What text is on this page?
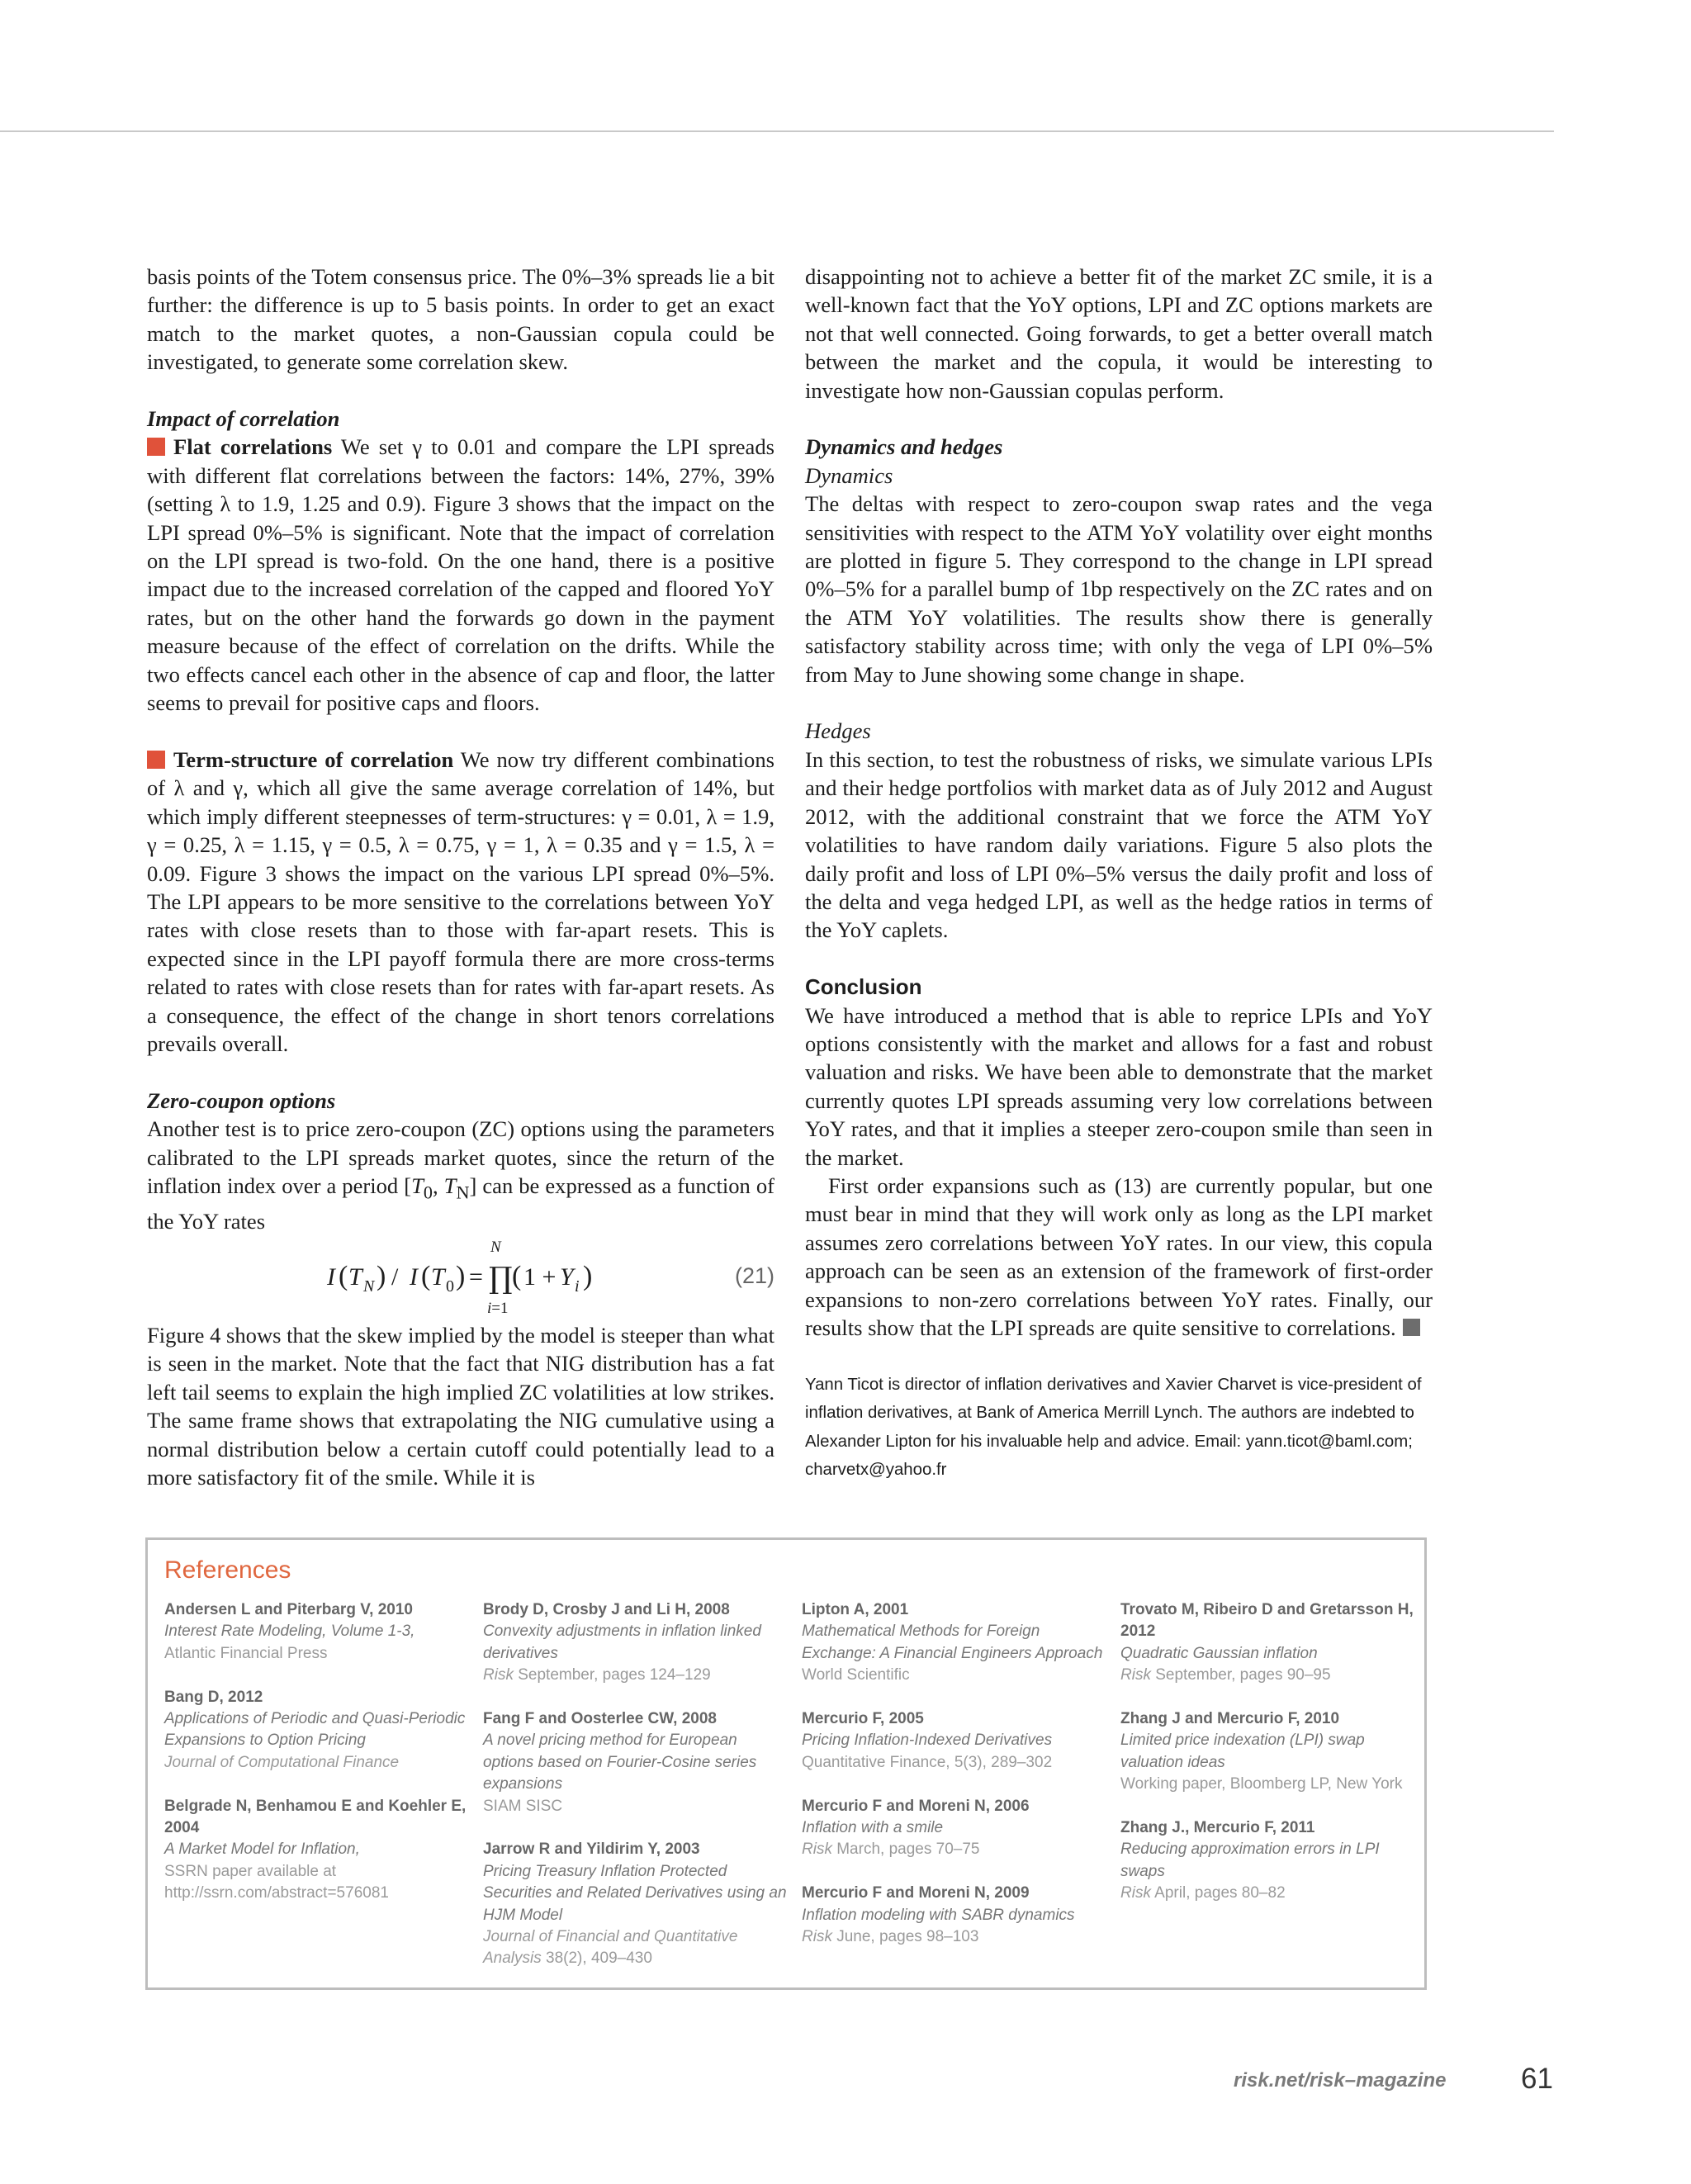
basis points of the Totem consensus price. The 0%–3% spreads lie a bit further: the difference is up to 5 basis points. In order to get an exact match to the market quotes, a non-Gaussian copula could be investigated, to generate some correlation skew.

Impact of correlation

Flat correlations We set γ to 0.01 and compare the LPI spreads with different flat correlations between the factors: 14%, 27%, 39% (setting λ to 1.9, 1.25 and 0.9). Figure 3 shows that the impact on the LPI spread 0%–5% is significant. Note that the impact of correlation on the LPI spread is two-fold. On the one hand, there is a positive impact due to the increased correlation of the capped and floored YoY rates, but on the other hand the forwards go down in the payment measure because of the effect of correlation on the drifts. While the two effects cancel each other in the absence of cap and floor, the latter seems to prevail for positive caps and floors.

Term-structure of correlation We now try different combinations of λ and γ, which all give the same average correlation of 14%, but which imply different steepnesses of term-structures: γ = 0.01, λ = 1.9, γ = 0.25, λ = 1.15, γ = 0.5, λ = 0.75, γ = 1, λ = 0.35 and γ = 1.5, λ = 0.09. Figure 3 shows the impact on the various LPI spread 0%–5%. The LPI appears to be more sensitive to the correlations between YoY rates with close resets than to those with far-apart resets. This is expected since in the LPI payoff formula there are more cross-terms related to rates with close resets than for rates with far-apart resets. As a consequence, the effect of the change in short tenors correlations prevails overall.

Zero-coupon options

Another test is to price zero-coupon (ZC) options using the parameters calibrated to the LPI spreads market quotes, since the return of the inflation index over a period [$T_0$, $T_N$] can be expressed as a function of the YoY rates

I ( T N ) / I ( T 0 ) =
N
∏
i=1
( 1 + Y i )	(21)

Figure 4 shows that the skew implied by the model is steeper than what is seen in the market. Note that the fact that NIG distribution has a fat left tail seems to explain the high implied ZC volatilities at low strikes. The same frame shows that extrapolating the NIG cumulative using a normal distribution below a certain cutoff could potentially lead to a more satisfactory fit of the smile. While it is

disappointing not to achieve a better fit of the market ZC smile, it is a well-known fact that the YoY options, LPI and ZC options markets are not that well connected. Going forwards, to get a better overall match between the market and the copula, it would be interesting to investigate how non-Gaussian copulas perform.

Dynamics and hedges

Dynamics

The deltas with respect to zero-coupon swap rates and the vega sensitivities with respect to the ATM YoY volatility over eight months are plotted in figure 5. They correspond to the change in LPI spread 0%–5% for a parallel bump of 1bp respectively on the ZC rates and on the ATM YoY volatilities. The results show there is generally satisfactory stability across time; with only the vega of LPI 0%–5% from May to June showing some change in shape.

Hedges

In this section, to test the robustness of risks, we simulate various LPIs and their hedge portfolios with market data as of July 2012 and August 2012, with the additional constraint that we force the ATM YoY volatilities to have random daily variations. Figure 5 also plots the daily profit and loss of LPI 0%–5% versus the daily profit and loss of the delta and vega hedged LPI, as well as the hedge ratios in terms of the YoY caplets.

Conclusion

We have introduced a method that is able to reprice LPIs and YoY options consistently with the market and allows for a fast and robust valuation and risks. We have been able to demonstrate that the market currently quotes LPI spreads assuming very low correlations between YoY rates, and that it implies a steeper zero-coupon smile than seen in the market.

First order expansions such as (13) are currently popular, but one must bear in mind that they will work only as long as the LPI market assumes zero correlations between YoY rates. In our view, this copula approach can be seen as an extension of the framework of first-order expansions to non-zero correlations between YoY rates. Finally, our results show that the LPI spreads are quite sensitive to correlations.

Yann Ticot is director of inflation derivatives and Xavier Charvet is vice-president of inflation derivatives, at Bank of America Merrill Lynch. The authors are indebted to Alexander Lipton for his invaluable help and advice. Email: yann.ticot@baml.com; charvetx@yahoo.fr

References

Andersen L and Piterbarg V, 2010
Interest Rate Modeling, Volume 1-3,
Atlantic Financial Press
Bang D, 2012
Applications of Periodic and Quasi-Periodic Expansions to Option Pricing
Journal of Computational Finance
Belgrade N, Benhamou E and Koehler E, 2004
A Market Model for Inflation,
SSRN paper available at http://ssrn.com/abstract=576081
Brody D, Crosby J and Li H, 2008
Convexity adjustments in inflation linked derivatives
Risk September, pages 124–129
Fang F and Oosterlee CW, 2008
A novel pricing method for European options based on Fourier-Cosine series expansions
SIAM SISC
Jarrow R and Yildirim Y, 2003
Pricing Treasury Inflation Protected Securities and Related Derivatives using an HJM Model
Journal of Financial and Quantitative Analysis 38(2), 409–430
Lipton A, 2001
Mathematical Methods for Foreign Exchange: A Financial Engineers Approach
World Scientific
Mercurio F, 2005
Pricing Inflation-Indexed Derivatives
Quantitative Finance, 5(3), 289–302
Mercurio F and Moreni N, 2006
Inflation with a smile
Risk March, pages 70–75
Mercurio F and Moreni N, 2009
Inflation modeling with SABR dynamics
Risk June, pages 98–103
Trovato M, Ribeiro D and Gretarsson H, 2012
Quadratic Gaussian inflation
Risk September, pages 90–95
Zhang J and Mercurio F, 2010
Limited price indexation (LPI) swap valuation ideas
Working paper, Bloomberg LP, New York
Zhang J., Mercurio F, 2011
Reducing approximation errors in LPI swaps
Risk April, pages 80–82
risk.net/risk–magazine	61
